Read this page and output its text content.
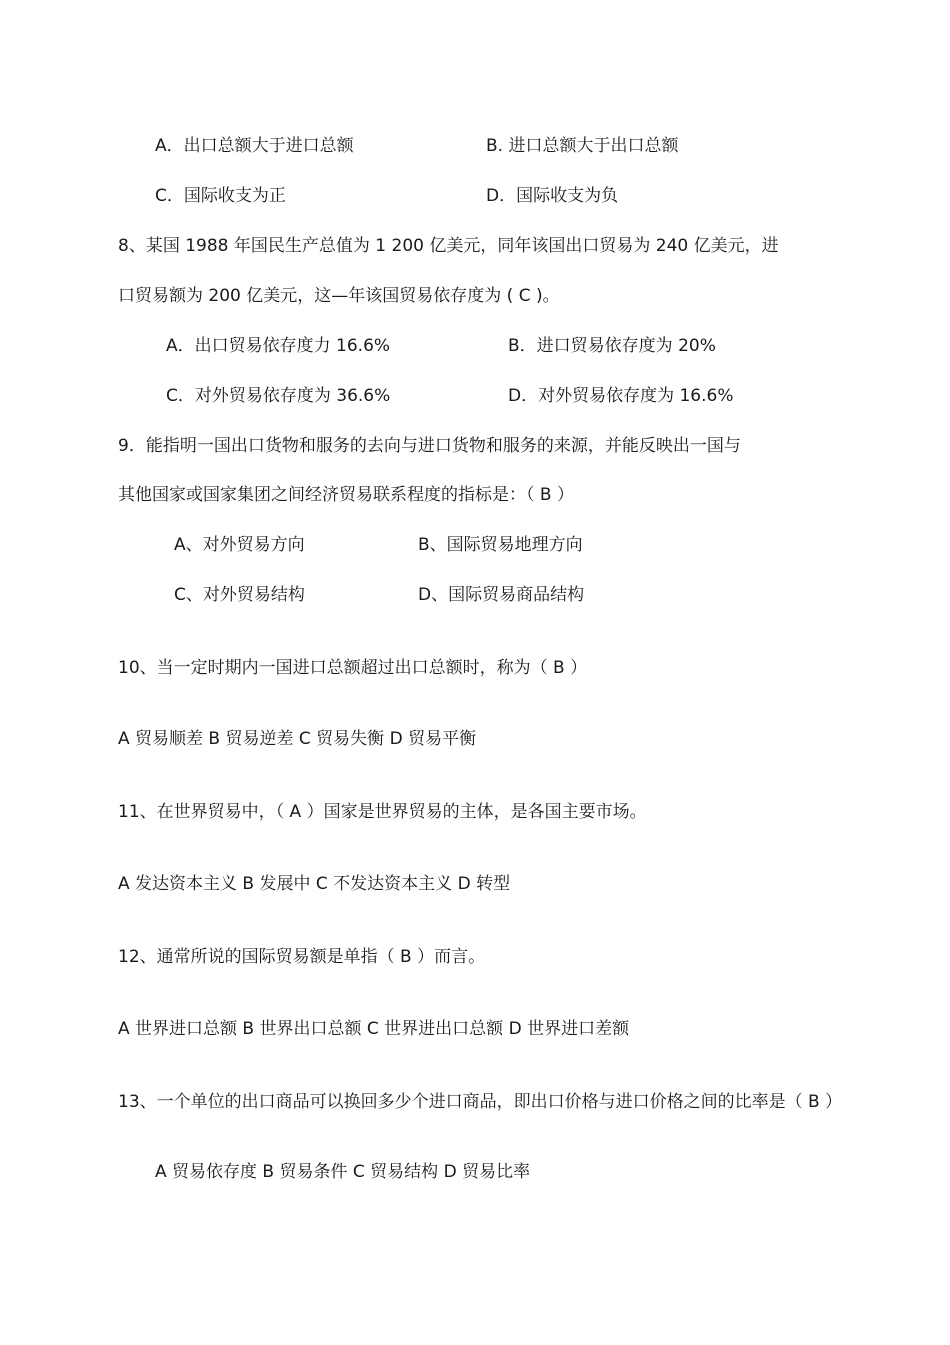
A．出口总额大于进口总额	B. 进口总额大于出口总额
C．国际收支为正	D．国际收支为负
8、某国 1988 年国民生产总值为 1 200 亿美元，同年该国出口贸易为 240 亿美元，进
口贸易额为 200 亿美元，这—年该国贸易依存度为 ( C )。
A．出口贸易依存度力 16.6%	B．进口贸易依存度为 20%
C．对外贸易依存度为 36.6%	D．对外贸易依存度为 16.6%
9．能指明一国出口货物和服务的去向与进口货物和服务的来源，并能反映出一国与
其他国家或国家集团之间经济贸易联系程度的指标是：（ B ）
A、对外贸易方向	B、国际贸易地理方向
C、对外贸易结构	D、国际贸易商品结构
10、当一定时期内一国进口总额超过出口总额时，称为（ B ）
A 贸易顺差 B 贸易逆差 C 贸易失衡 D 贸易平衡
11、在世界贸易中，（ A ）国家是世界贸易的主体，是各国主要市场。
A 发达资本主义 B 发展中 C 不发达资本主义 D 转型
12、通常所说的国际贸易额是单指（ B ）而言。
A 世界进口总额 B 世界出口总额 C 世界进出口总额 D 世界进口差额
13、一个单位的出口商品可以换回多少个进口商品，即出口价格与进口价格之间的比率是（ B ）
A 贸易依存度 B 贸易条件 C 贸易结构 D 贸易比率
